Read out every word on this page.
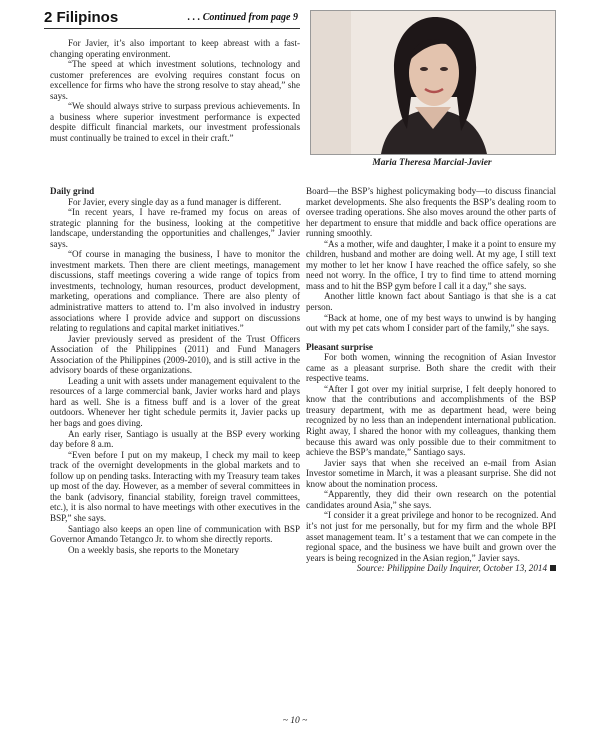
2 Filipinos	. . . Continued from page 9
Maria Theresa Marcial-Javier

For Javier, it’s also important to keep abreast with a fast-changing operating environment.

“The speed at which investment solutions, technology and customer preferences are evolving requires constant focus on excellence for firms who have the strong resolve to stay ahead,” she says.

“We should always strive to surpass previous achievements. In a business where superior investment performance is expected despite difficult financial markets, our investment professionals must continually be trained to excel in their craft.”

Daily grind

For Javier, every single day as a fund manager is different.

“In recent years, I have re-framed my focus on areas of strategic planning for the business, looking at the competitive landscape, understanding the opportunities and challenges,” Javier says.

“Of course in managing the business, I have to monitor the investment markets. Then there are client meetings, management discussions, staff meetings covering a wide range of topics from investments, technology, human resources, product development, marketing, operations and compliance. There are also plenty of administrative matters to attend to. I’m also involved in industry associations where I provide advice and support on discussions relating to regulations and capital market initiatives.”

Javier previously served as president of the Trust Officers Association of the Philippines (2011) and Fund Managers Association of the Philippines (2009-2010), and is still active in the advisory boards of these organizations.

Leading a unit with assets under management equivalent to the resources of a large commercial bank, Javier works hard and plays hard as well. She is a fitness buff and is a lover of the great outdoors. Whenever her tight schedule permits it, Javier packs up her bags and goes diving.

An early riser, Santiago is usually at the BSP every working day before 8 a.m.

“Even before I put on my makeup, I check my mail to keep track of the overnight developments in the global markets and to follow up on pending tasks. Interacting with my Treasury team takes up most of the day. However, as a member of several committees in the bank (advisory, financial stability, foreign travel committees, etc.), it is also normal to have meetings with other executives in the BSP,” she says.

Santiago also keeps an open line of communication with BSP Governor Amando Tetangco Jr. to whom she directly reports.

On a weekly basis, she reports to the Monetary

Board—the BSP’s highest policymaking body—to discuss financial market developments. She also frequents the BSP’s dealing room to oversee trading operations. She also moves around the other parts of her department to ensure that middle and back office operations are running smoothly.

“As a mother, wife and daughter, I make it a point to ensure my children, husband and mother are doing well. At my age, I still text my mother to let her know I have reached the office safely, so she need not worry. In the office, I try to find time to attend morning mass and to hit the BSP gym before I call it a day,” she says.

Another little known fact about Santiago is that she is a cat person.

“Back at home, one of my best ways to unwind is by hanging out with my pet cats whom I consider part of the family,” she says.

Pleasant surprise

For both women, winning the recognition of Asian Investor came as a pleasant surprise. Both share the credit with their respective teams.

“After I got over my initial surprise, I felt deeply honored to know that the contributions and accomplishments of the BSP treasury department, with me as department head, were being recognized by no less than an independent international publication. Right away, I shared the honor with my colleagues, thanking them because this award was only possible due to their commitment to achieve the BSP’s mandate,” Santiago says.

Javier says that when she received an e-mail from Asian Investor sometime in March, it was a pleasant surprise. She did not know about the nomination process.

“Apparently, they did their own research on the potential candidates around Asia,” she says.

“I consider it a great privilege and honor to be recognized. And it’s not just for me personally, but for my firm and the whole BPI asset management team. It’ s a testament that we can compete in the regional space, and the business we have built and grown over the years is being recognized in the Asian region,” Javier says.

Source: Philippine Daily Inquirer, October 13, 2014

~ 10 ~
